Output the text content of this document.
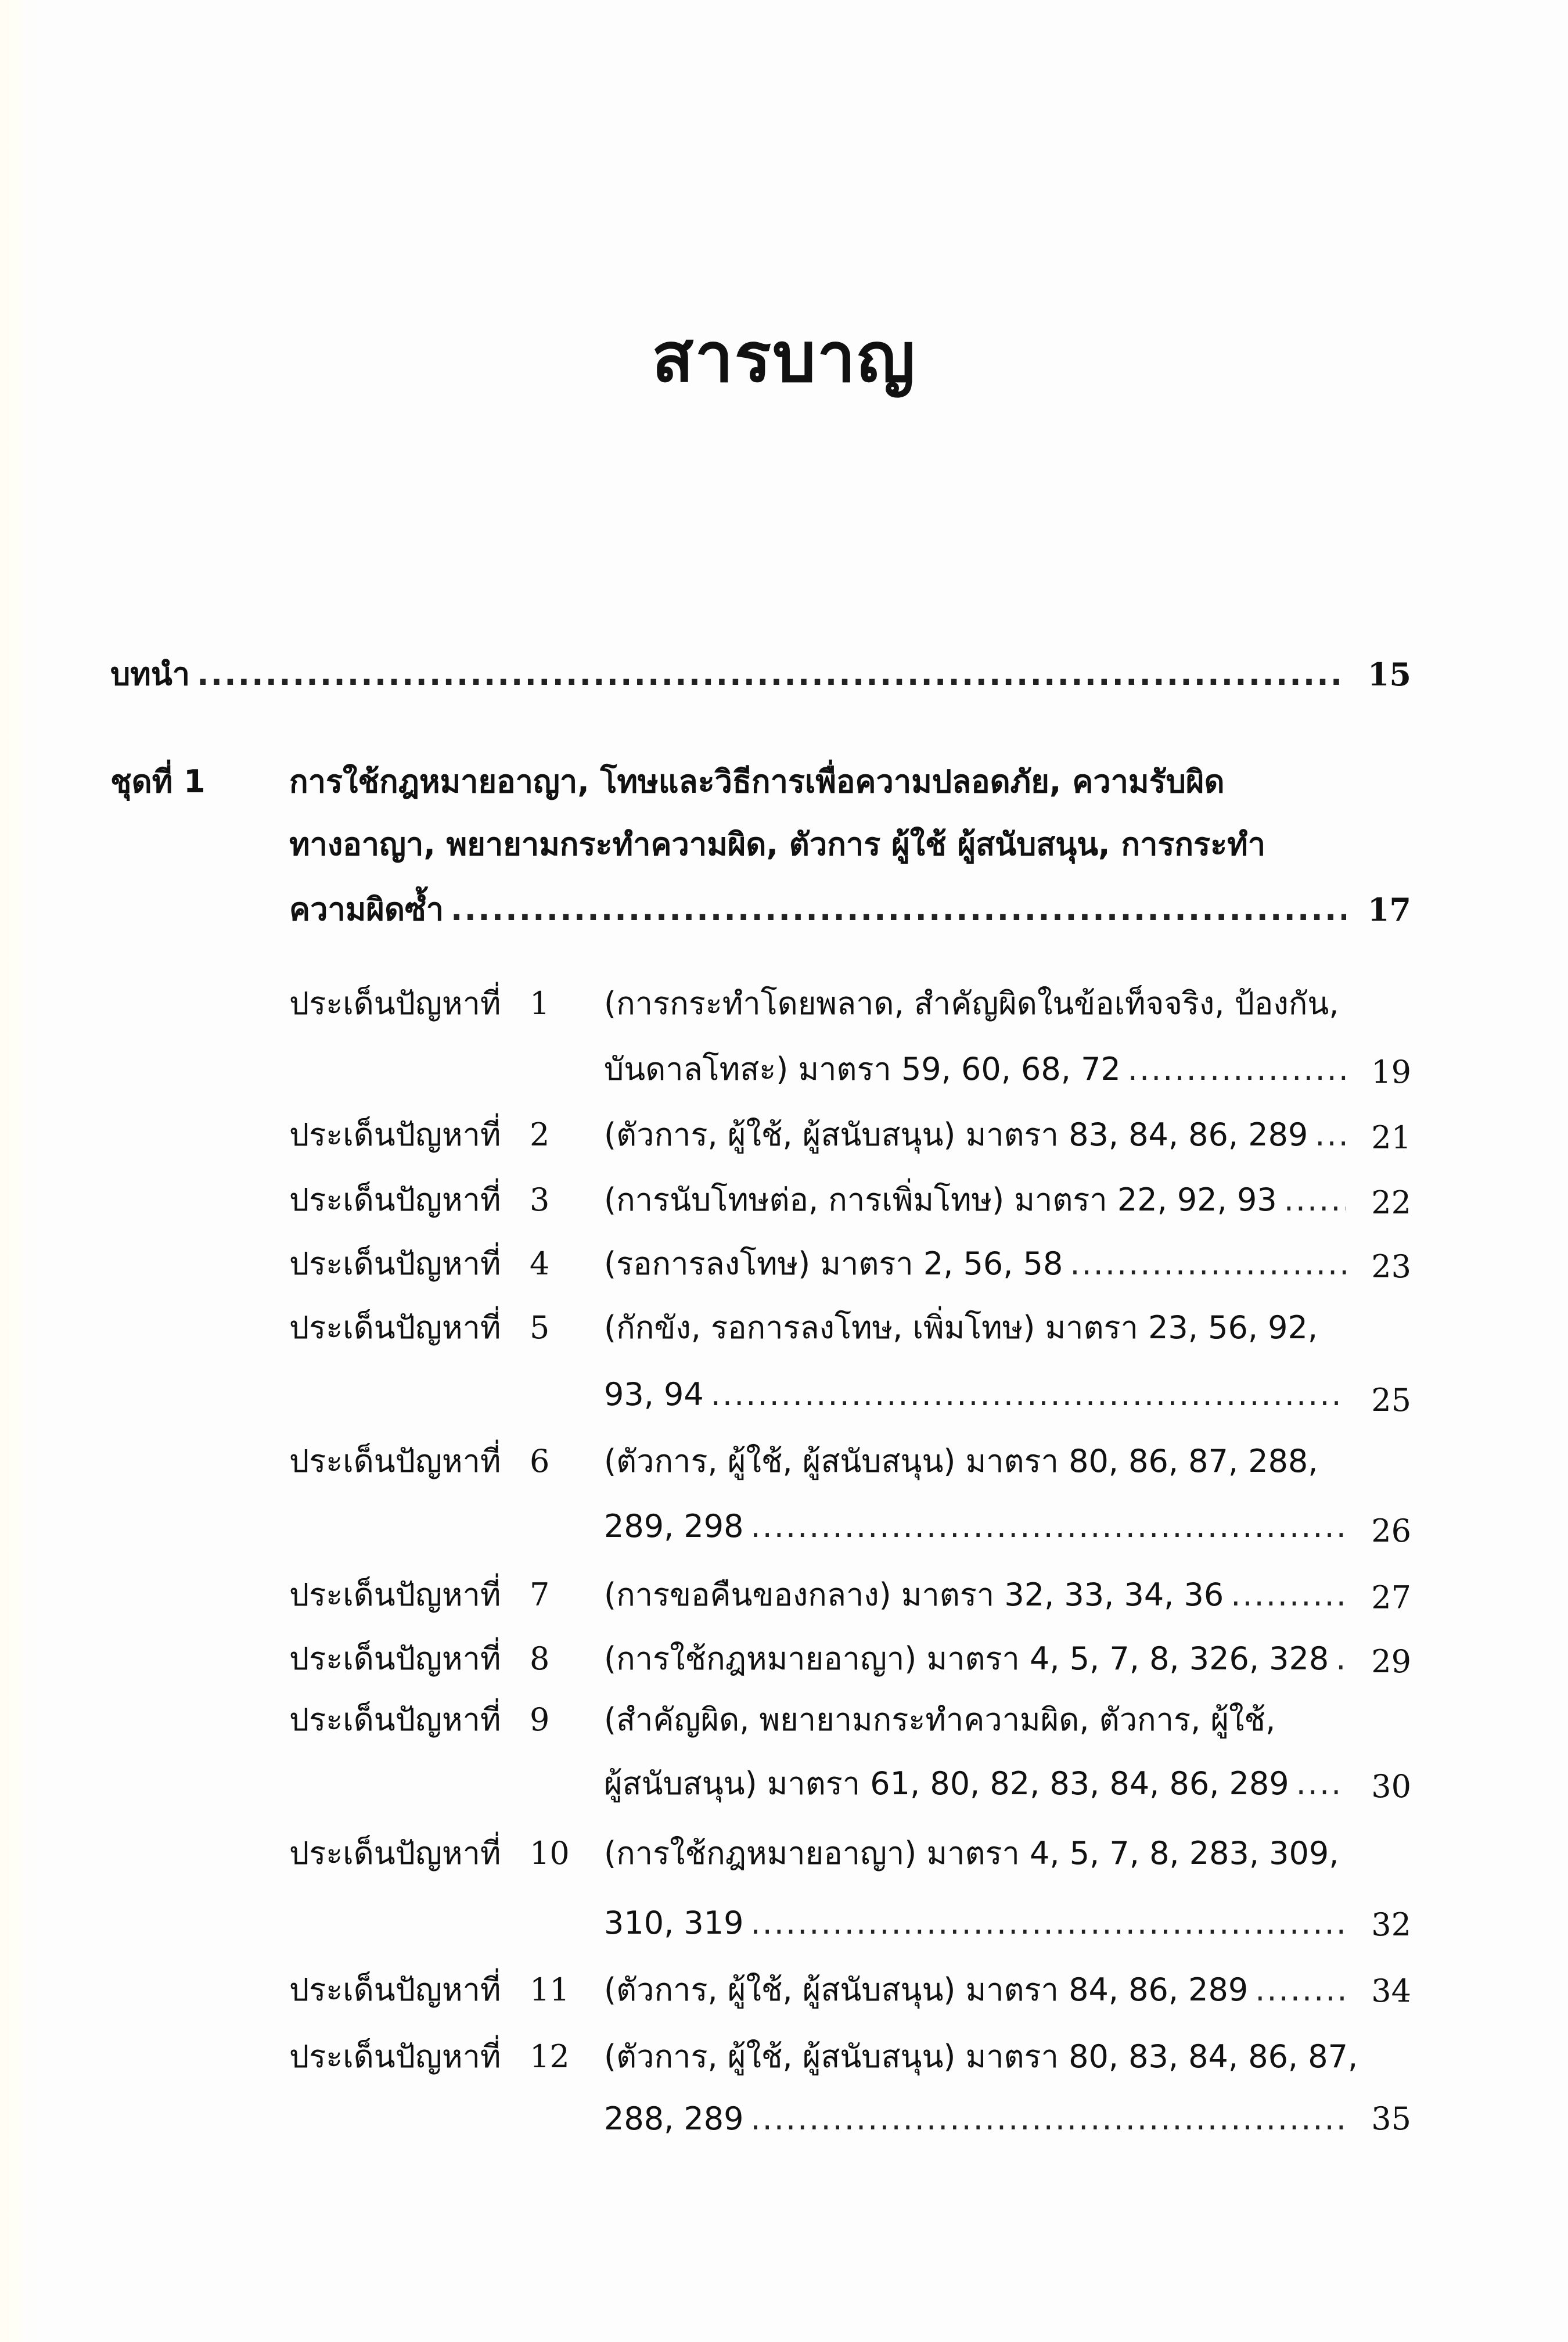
สารบาญ
บทนำ .....	15
ชุดที่ 1	การใช้กฎหมายอาญา, โทษและวิธีการเพื่อความปลอดภัย, ความรับผิด
ทางอาญา, พยายามกระทำความผิด, ตัวการ ผู้ใช้ ผู้สนับสนุน, การกระทำ
ความผิดซ้ำ .....	17
ประเด็นปัญหาที่ 1 (การกระทำโดยพลาด, สำคัญผิดในข้อเท็จจริง, ป้องกัน,
บันดาลโทสะ) มาตรา 59, 60, 68, 72 .....	19
ประเด็นปัญหาที่ 2 (ตัวการ, ผู้ใช้, ผู้สนับสนุน) มาตรา 83, 84, 86, 289 .....	21
ประเด็นปัญหาที่ 3 (การนับโทษต่อ, การเพิ่มโทษ) มาตรา 22, 92, 93 .....	22
ประเด็นปัญหาที่ 4 (รอการลงโทษ) มาตรา 2, 56, 58 .....	23
ประเด็นปัญหาที่ 5 (กักขัง, รอการลงโทษ, เพิ่มโทษ) มาตรา 23, 56, 92,
93, 94 .....	25
ประเด็นปัญหาที่ 6 (ตัวการ, ผู้ใช้, ผู้สนับสนุน) มาตรา 80, 86, 87, 288,
289, 298 .....	26
ประเด็นปัญหาที่ 7 (การขอคืนของกลาง) มาตรา 32, 33, 34, 36 .....	27
ประเด็นปัญหาที่ 8 (การใช้กฎหมายอาญา) มาตรา 4, 5, 7, 8, 326, 328 .....	29
ประเด็นปัญหาที่ 9 (สำคัญผิด, พยายามกระทำความผิด, ตัวการ, ผู้ใช้,
ผู้สนับสนุน) มาตรา 61, 80, 82, 83, 84, 86, 289 .....	30
ประเด็นปัญหาที่ 10 (การใช้กฎหมายอาญา) มาตรา 4, 5, 7, 8, 283, 309,
310, 319 .....	32
ประเด็นปัญหาที่ 11 (ตัวการ, ผู้ใช้, ผู้สนับสนุน) มาตรา 84, 86, 289 .....	34
ประเด็นปัญหาที่ 12 (ตัวการ, ผู้ใช้, ผู้สนับสนุน) มาตรา 80, 83, 84, 86, 87,
288, 289 .....	35
